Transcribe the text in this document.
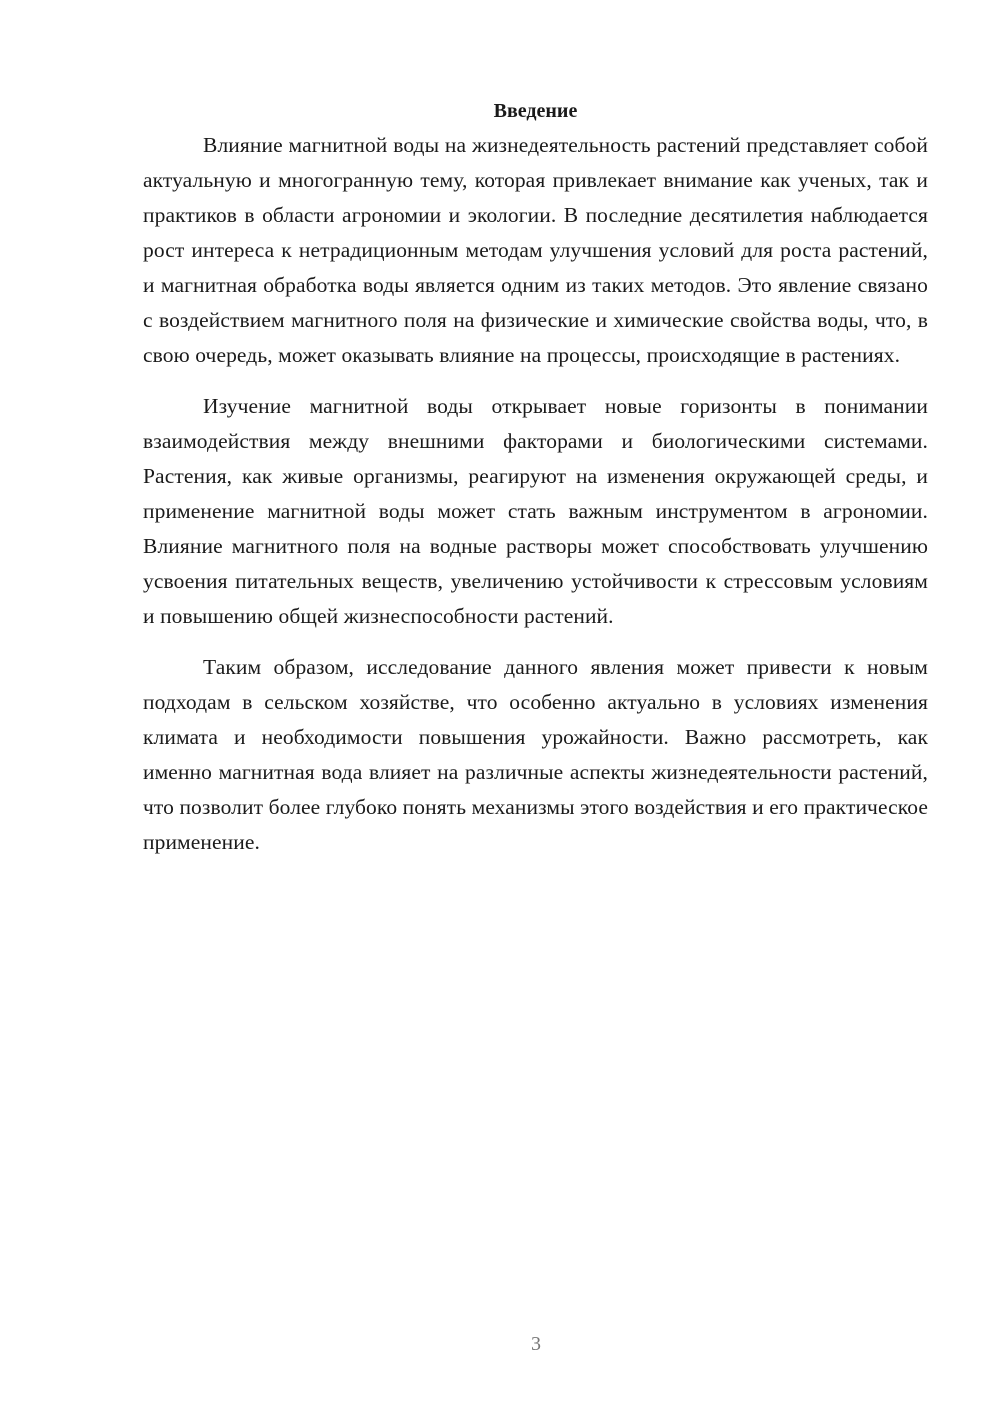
Введение

Влияние магнитной воды на жизнедеятельность растений представляет собой актуальную и многогранную тему, которая привлекает внимание как ученых, так и практиков в области агрономии и экологии. В последние десятилетия наблюдается рост интереса к нетрадиционным методам улучшения условий для роста растений, и магнитная обработка воды является одним из таких методов. Это явление связано с воздействием магнитного поля на физические и химические свойства воды, что, в свою очередь, может оказывать влияние на процессы, происходящие в растениях.

Изучение магнитной воды открывает новые горизонты в понимании взаимодействия между внешними факторами и биологическими системами. Растения, как живые организмы, реагируют на изменения окружающей среды, и применение магнитной воды может стать важным инструментом в агрономии. Влияние магнитного поля на водные растворы может способствовать улучшению усвоения питательных веществ, увеличению устойчивости к стрессовым условиям и повышению общей жизнеспособности растений.

Таким образом, исследование данного явления может привести к новым подходам в сельском хозяйстве, что особенно актуально в условиях изменения климата и необходимости повышения урожайности. Важно рассмотреть, как именно магнитная вода влияет на различные аспекты жизнедеятельности растений, что позволит более глубоко понять механизмы этого воздействия и его практическое применение.

3
